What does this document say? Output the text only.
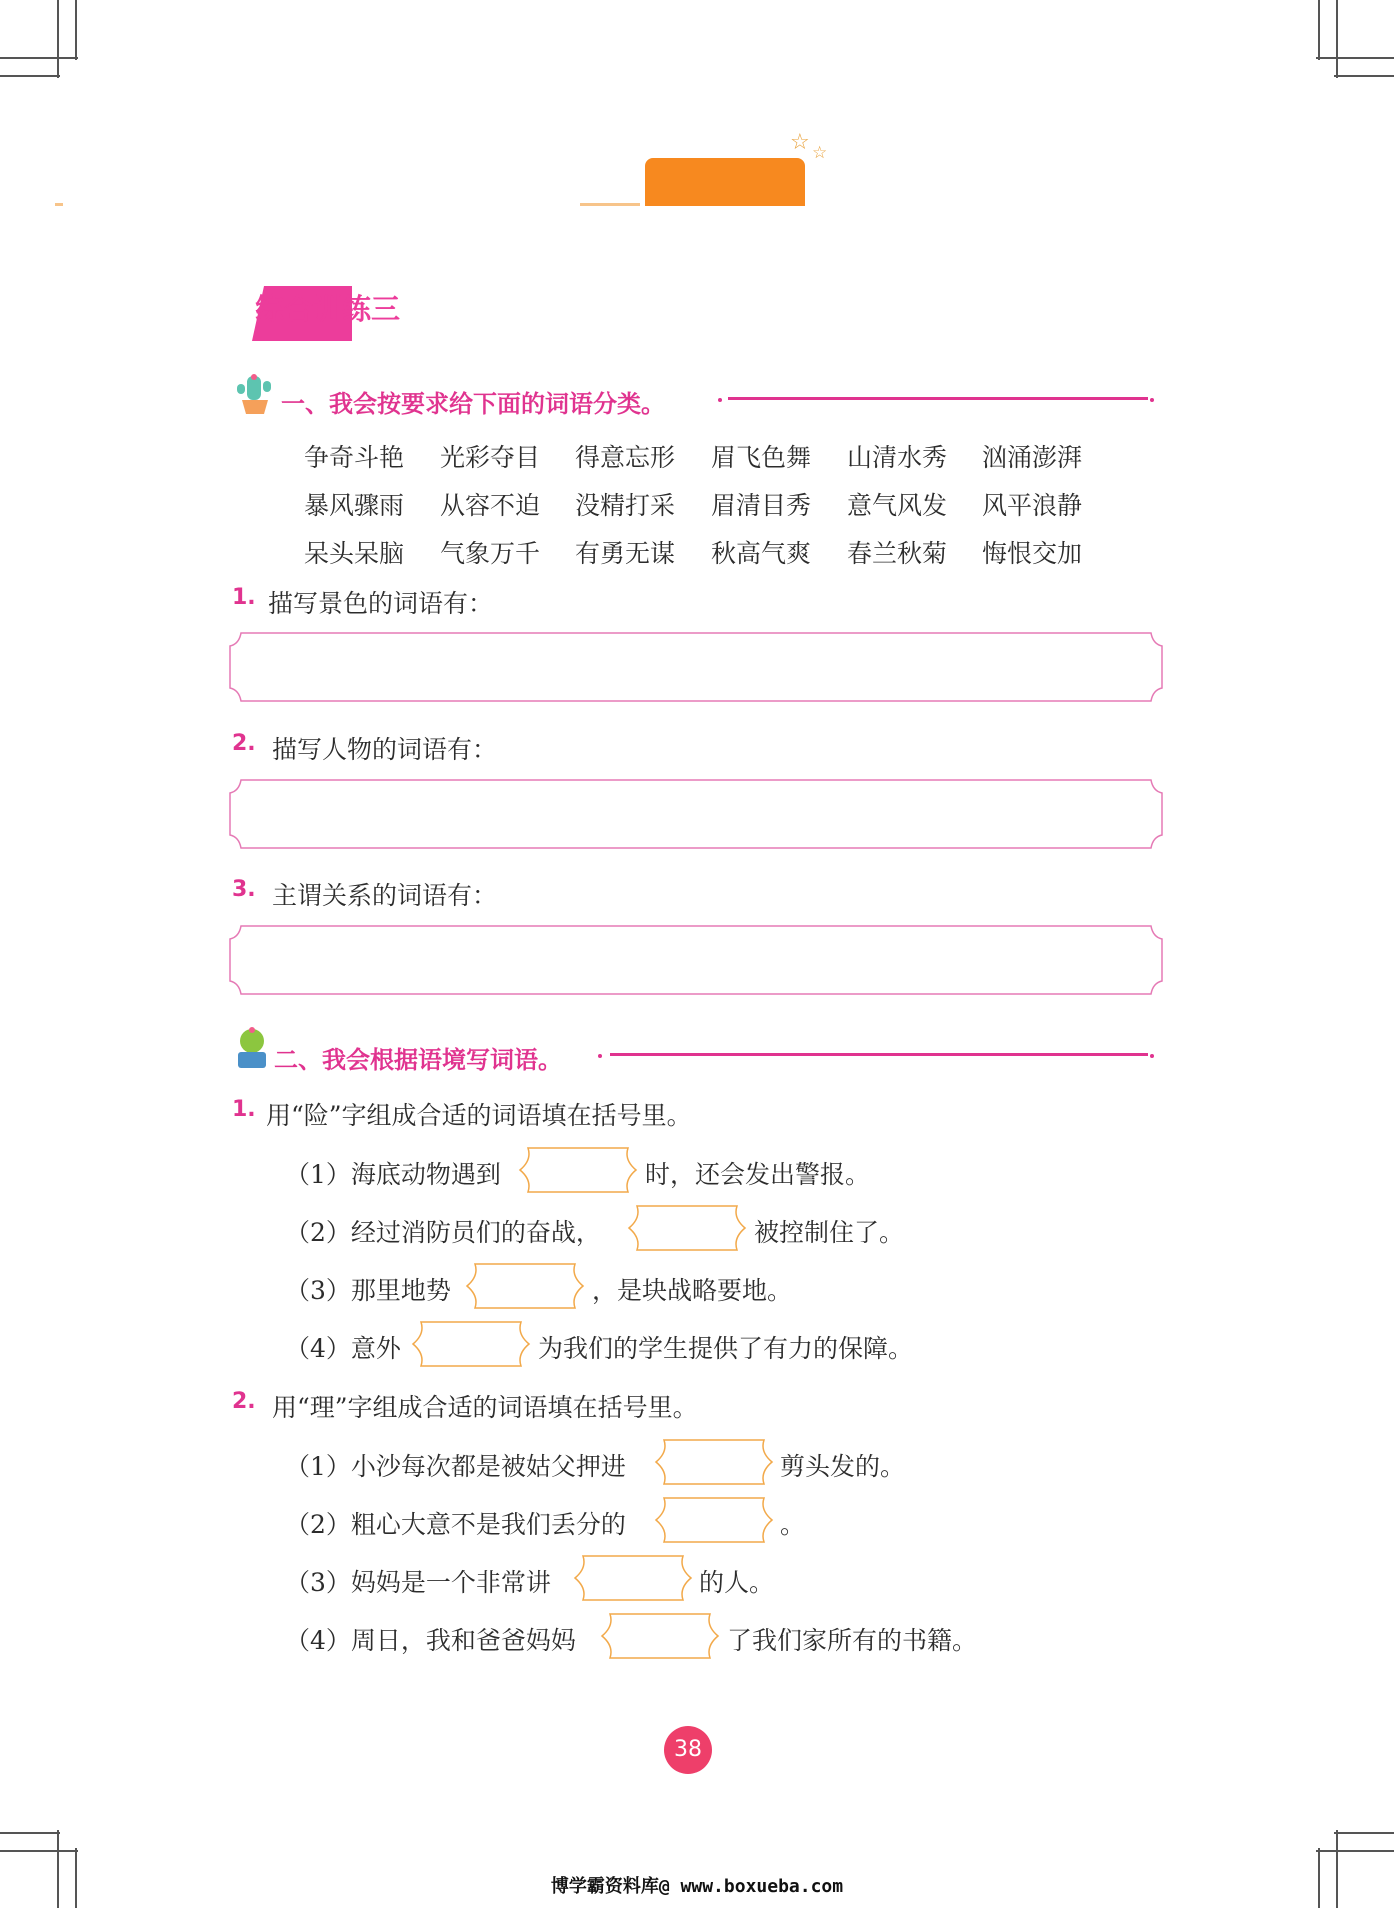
☆ ☆
综合训练三
一、我会按要求给下面的词语分类。
争奇斗艳 光彩夺目 得意忘形 眉飞色舞 山清水秀 汹涌澎湃
暴风骤雨 从容不迫 没精打采 眉清目秀 意气风发 风平浪静
呆头呆脑 气象万千 有勇无谋 秋高气爽 春兰秋菊 悔恨交加
1. 描写景色的词语有：
2. 描写人物的词语有：
3. 主谓关系的词语有：
二、我会根据语境写词语。
1. 用“险”字组成合适的词语填在括号里。
（1）海底动物遇到	时，还会发出警报。
（2）经过消防员们的奋战，	被控制住了。
（3）那里地势	，是块战略要地。
（4）意外	为我们的学生提供了有力的保障。
2. 用“理”字组成合适的词语填在括号里。
（1）小沙每次都是被姑父押进	剪头发的。
（2）粗心大意不是我们丢分的	。
（3）妈妈是一个非常讲	的人。
（4）周日，我和爸爸妈妈	了我们家所有的书籍。
38
博学霸资料库@ www.boxueba.com
